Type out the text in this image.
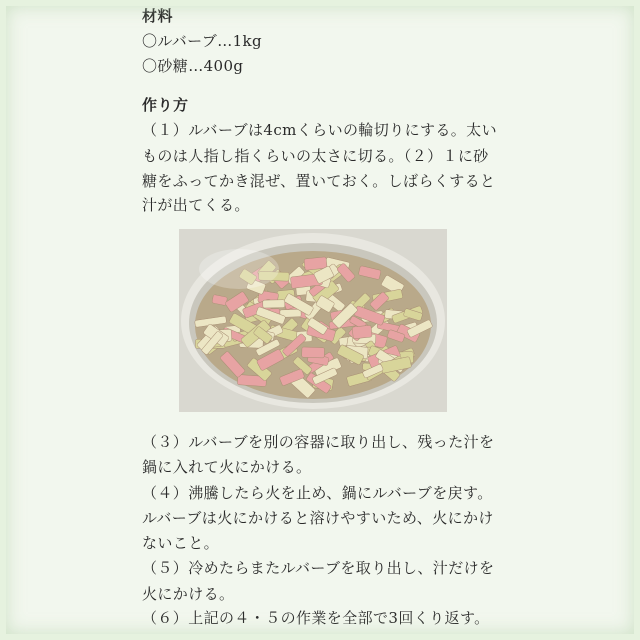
材料
〇ルバーブ…1kg
〇砂糖…400g
作り方
（１）ルバーブは4cmくらいの輪切りにする。太い
ものは人指し指くらいの太さに切る。（２）１に砂
糖をふってかき混ぜ、置いておく。しばらくすると
汁が出てくる。
（３）ルバーブを別の容器に取り出し、残った汁を
鍋に入れて火にかける。
（４）沸騰したら火を止め、鍋にルバーブを戻す。
ルバーブは火にかけると溶けやすいため、火にかけ
ないこと。
（５）冷めたらまたルバーブを取り出し、汁だけを
火にかける。
（６）上記の４・５の作業を全部で3回くり返す。
